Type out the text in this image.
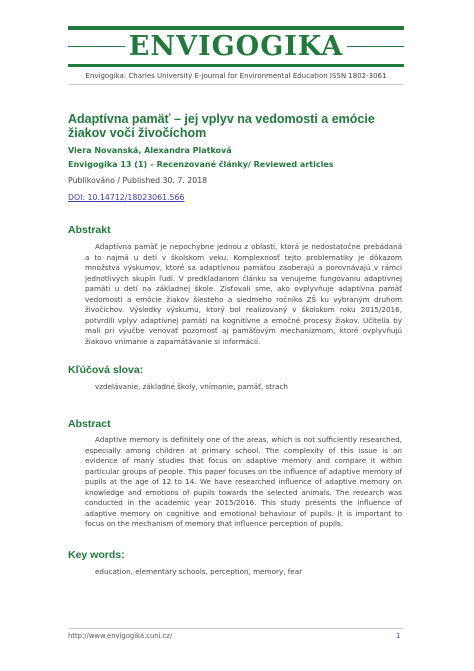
ENVIGOGIKA
Envigogika: Charles University E-journal for Environmental Education ISSN 1802-3061
Adaptívna pamäť – jej vplyv na vedomosti a emócie žiakov voči živočíchom
Viera Novanská, Alexandra Platková
Envigogika 13 (1) – Recenzované články/ Reviewed articles
Publikováno / Published 30. 7. 2018
DOI: 10.14712/18023061.566
Abstrakt

Adaptívna pamäť je nepochybne jednou z oblastí, ktorá je nedostatočne prebádaná a to najmä u detí v školskom veku. Komplexnosť tejto problematiky je dôkazom množstva výskumov, ktoré sa adaptívnou pamäťou zaoberajú a porovnávajú v rámci jednotlivých skupín ľudí. V predkladanom článku sa venujeme fungovaniu adaptívnej pamäti u detí na základnej škole. Zisťovali sme, ako ovplyvňuje adaptívna pamäť vedomosti a emócie žiakov šiesteho a siedmeho ročníka ZŠ ku vybraným druhom živočíchov. Výsledky výskumu, ktorý bol realizovaný v školskom roku 2015/2016, potvrdili vplyv adaptívnej pamäti na kognitívne a emočné procesy žiakov. Učitelia by mali pri výučbe venovať pozornosť aj pamäťovým mechanizmom, ktoré ovplyvňujú žiakovo vnímanie a zapamätávanie si informácií.

Kľúčová slova:
vzdelávanie, základné školy, vnímanie, pamäť, strach
Abstract

Adaptive memory is definitely one of the areas, which is not sufficiently researched, especially among children at primary school. The complexity of this issue is an evidence of many studies that focus on adaptive memory and compare it within particular groups of people. This paper focuses on the influence of adaptive memory of pupils at the age of 12 to 14. We have researched influence of adaptive memory on knowledge and emotions of pupils towards the selected animals. The research was conducted in the academic year 2015/2016. This study presents the influence of adaptive memory on cognitive and emotional behaviour of pupils. It is important to focus on the mechanism of memory that influence perception of pupils.

Key words:
education, elementary schools, perception, memory, fear
http://www.envigogika.cuni.cz/	1
